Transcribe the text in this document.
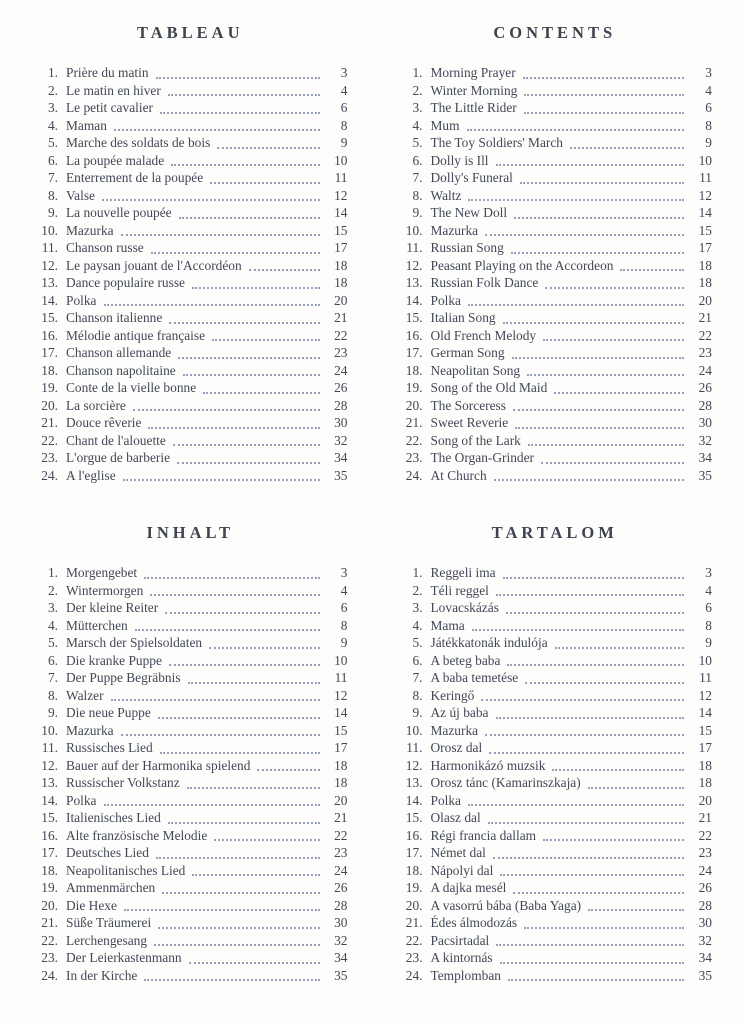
TABLEAU
1. Prière du matin	3
2. Le matin en hiver	4
3. Le petit cavalier	6
4. Maman	8
5. Marche des soldats de bois	9
6. La poupée malade	10
7. Enterrement de la poupée	11
8. Valse	12
9. La nouvelle poupée	14
10. Mazurka	15
11. Chanson russe	17
12. Le paysan jouant de l'Accordéon	18
13. Dance populaire russe	18
14. Polka	20
15. Chanson italienne	21
16. Mélodie antique française	22
17. Chanson allemande	23
18. Chanson napolitaine	24
19. Conte de la vielle bonne	26
20. La sorcière	28
21. Douce rêverie	30
22. Chant de l'alouette	32
23. L'orgue de barberie	34
24. A l'eglise	35
CONTENTS
1. Morning Prayer	3
2. Winter Morning	4
3. The Little Rider	6
4. Mum	8
5. The Toy Soldiers' March	9
6. Dolly is Ill	10
7. Dolly's Funeral	11
8. Waltz	12
9. The New Doll	14
10. Mazurka	15
11. Russian Song	17
12. Peasant Playing on the Accordeon	18
13. Russian Folk Dance	18
14. Polka	20
15. Italian Song	21
16. Old French Melody	22
17. German Song	23
18. Neapolitan Song	24
19. Song of the Old Maid	26
20. The Sorceress	28
21. Sweet Reverie	30
22. Song of the Lark	32
23. The Organ-Grinder	34
24. At Church	35
INHALT
1. Morgengebet	3
2. Wintermorgen	4
3. Der kleine Reiter	6
4. Mütterchen	8
5. Marsch der Spielsoldaten	9
6. Die kranke Puppe	10
7. Der Puppe Begräbnis	11
8. Walzer	12
9. Die neue Puppe	14
10. Mazurka	15
11. Russisches Lied	17
12. Bauer auf der Harmonika spielend	18
13. Russischer Volkstanz	18
14. Polka	20
15. Italienisches Lied	21
16. Alte französische Melodie	22
17. Deutsches Lied	23
18. Neapolitanisches Lied	24
19. Ammenmärchen	26
20. Die Hexe	28
21. Süße Träumerei	30
22. Lerchengesang	32
23. Der Leierkastenmann	34
24. In der Kirche	35
TARTALOM
1. Reggeli ima	3
2. Téli reggel	4
3. Lovacskázás	6
4. Mama	8
5. Játékkatonák indulója	9
6. A beteg baba	10
7. A baba temetése	11
8. Keringő	12
9. Az új baba	14
10. Mazurka	15
11. Orosz dal	17
12. Harmonikázó muzsik	18
13. Orosz tánc (Kamarinszkaja)	18
14. Polka	20
15. Olasz dal	21
16. Régi francia dallam	22
17. Német dal	23
18. Nápolyi dal	24
19. A dajka mesél	26
20. A vasorrú bába (Baba Yaga)	28
21. Édes álmodozás	30
22. Pacsirtadal	32
23. A kintornás	34
24. Templomban	35
